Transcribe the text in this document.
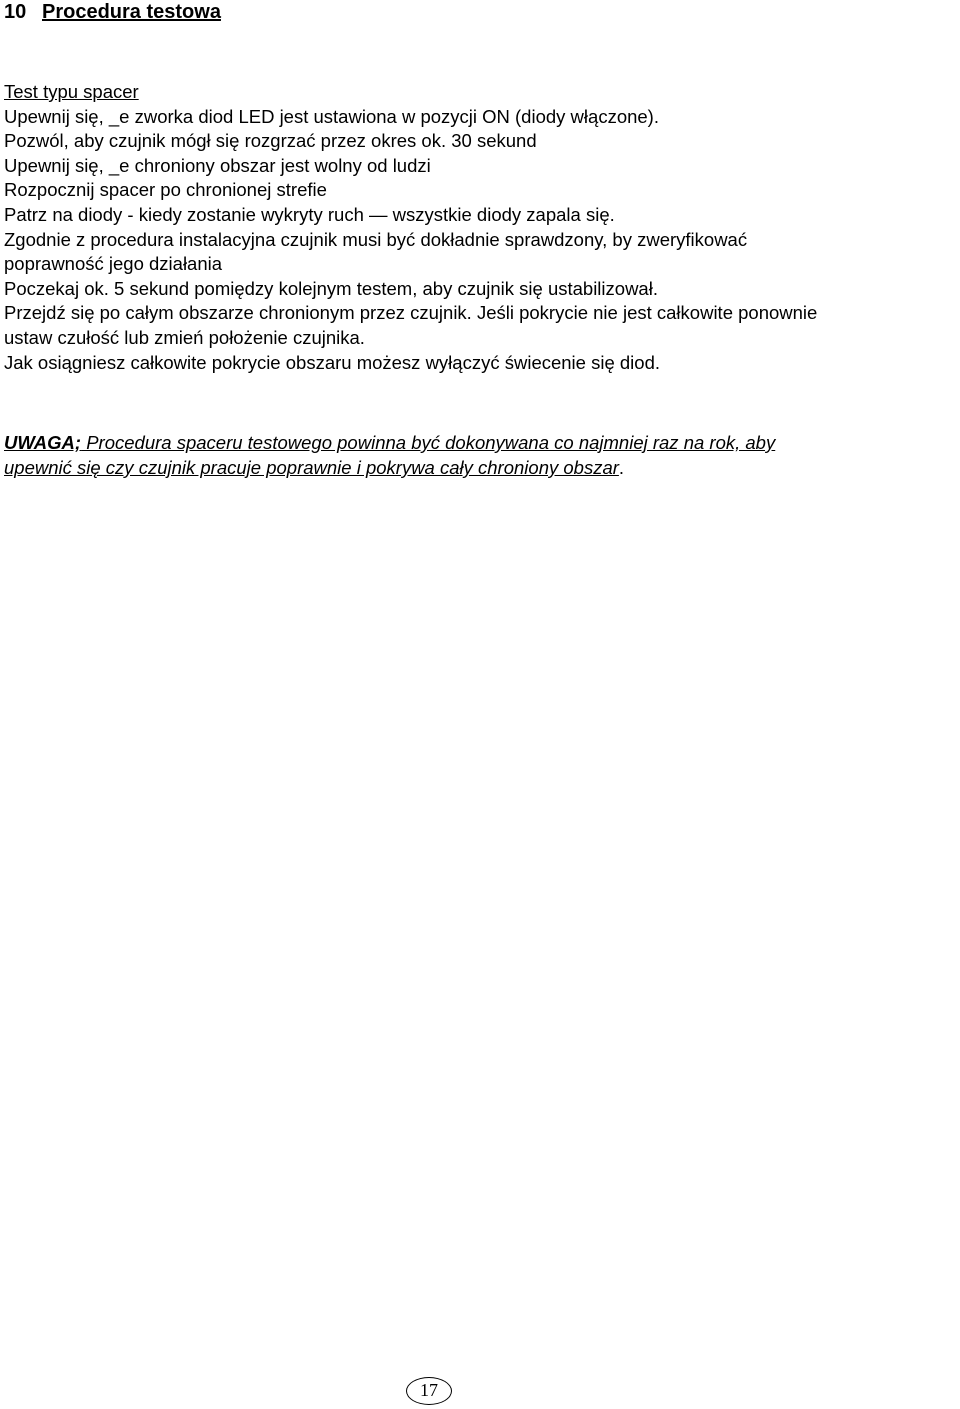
10 Procedura testowa
Test typu spacer
Upewnij się, _e zworka diod LED jest ustawiona w pozycji ON (diody włączone).
Pozwól, aby czujnik mógł się rozgrzać przez okres ok. 30 sekund
Upewnij się, _e chroniony obszar jest wolny od ludzi
Rozpocznij spacer po chronionej strefie
Patrz na diody - kiedy zostanie wykryty ruch — wszystkie diody zapala się.
Zgodnie z procedura instalacyjna czujnik musi być dokładnie sprawdzony, by zweryfikować
poprawność jego działania
Poczekaj ok. 5 sekund pomiędzy kolejnym testem, aby czujnik się ustabilizował.
Przejdź się po całym obszarze chronionym przez czujnik. Jeśli pokrycie nie jest całkowite ponownie
ustaw czułość lub zmień położenie czujnika.
Jak osiągniesz całkowite pokrycie obszaru możesz wyłączyć świecenie się diod.
UWAGA; Procedura spaceru testowego powinna być dokonywana co najmniej raz na rok, aby
upewnić się czy czujnik pracuje poprawnie i pokrywa cały chroniony obszar.
17
